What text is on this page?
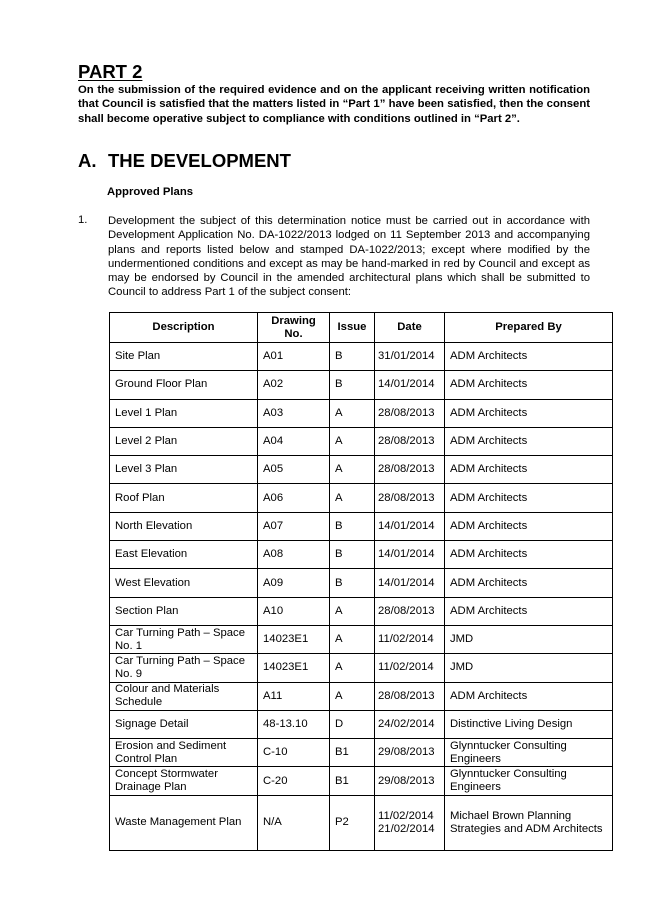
PART 2
On the submission of the required evidence and on the applicant receiving written notification that Council is satisfied that the matters listed in “Part 1” have been satisfied, then the consent shall become operative subject to compliance with conditions outlined in “Part 2”.
A. THE DEVELOPMENT
Approved Plans
1. Development the subject of this determination notice must be carried out in accordance with Development Application No. DA-1022/2013 lodged on 11 September 2013 and accompanying plans and reports listed below and stamped DA-1022/2013; except where modified by the undermentioned conditions and except as may be hand-marked in red by Council and except as may be endorsed by Council in the amended architectural plans which shall be submitted to Council to address Part 1 of the subject consent:
Description	Drawing No.	Issue	Date	Prepared By
Site Plan	A01	B	31/01/2014	ADM Architects
Ground Floor Plan	A02	B	14/01/2014	ADM Architects
Level 1 Plan	A03	A	28/08/2013	ADM Architects
Level 2 Plan	A04	A	28/08/2013	ADM Architects
Level 3 Plan	A05	A	28/08/2013	ADM Architects
Roof Plan	A06	A	28/08/2013	ADM Architects
North Elevation	A07	B	14/01/2014	ADM Architects
East Elevation	A08	B	14/01/2014	ADM Architects
West Elevation	A09	B	14/01/2014	ADM Architects
Section Plan	A10	A	28/08/2013	ADM Architects
Car Turning Path – Space No. 1	14023E1	A	11/02/2014	JMD
Car Turning Path – Space No. 9	14023E1	A	11/02/2014	JMD
Colour and Materials Schedule	A11	A	28/08/2013	ADM Architects
Signage Detail	48-13.10	D	24/02/2014	Distinctive Living Design
Erosion and Sediment Control Plan	C-10	B1	29/08/2013	Glynntucker Consulting Engineers
Concept Stormwater Drainage Plan	C-20	B1	29/08/2013	Glynntucker Consulting Engineers
Waste Management Plan	N/A	P2	11/02/2014 21/02/2014	Michael Brown Planning Strategies and ADM Architects
